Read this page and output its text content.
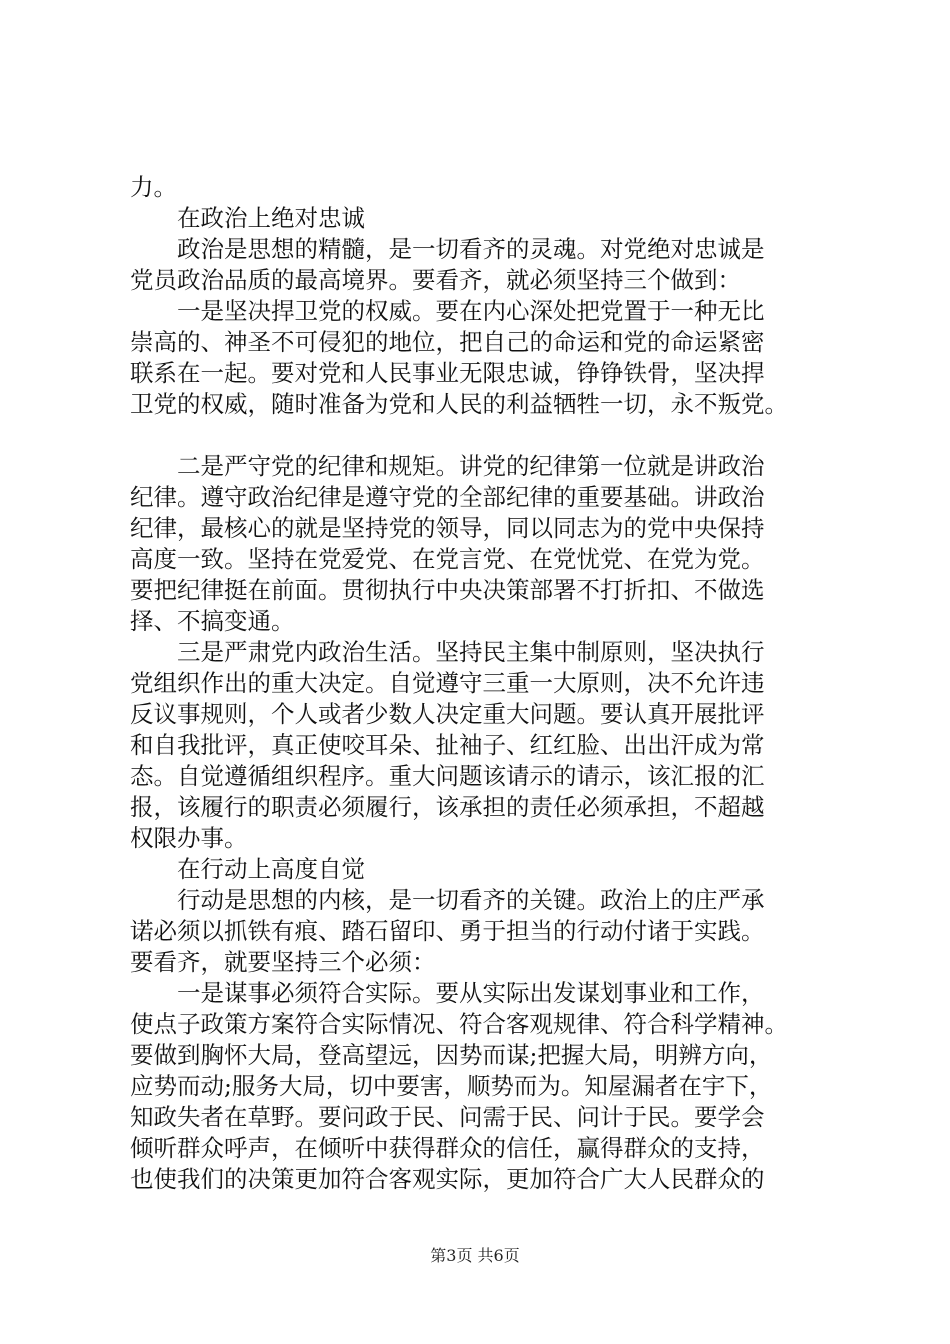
力。
在政治上绝对忠诚
政治是思想的精髓，是一切看齐的灵魂。对党绝对忠诚是
党员政治品质的最高境界。要看齐，就必须坚持三个做到：
一是坚决捍卫党的权威。要在内心深处把党置于一种无比
崇高的、神圣不可侵犯的地位，把自己的命运和党的命运紧密
联系在一起。要对党和人民事业无限忠诚，铮铮铁骨，坚决捍
卫党的权威，随时准备为党和人民的利益牺牲一切，永不叛党。
二是严守党的纪律和规矩。讲党的纪律第一位就是讲政治
纪律。遵守政治纪律是遵守党的全部纪律的重要基础。讲政治
纪律，最核心的就是坚持党的领导，同以同志为的党中央保持
高度一致。坚持在党爱党、在党言党、在党忧党、在党为党。
要把纪律挺在前面。贯彻执行中央决策部署不打折扣、不做选
择、不搞变通。
三是严肃党内政治生活。坚持民主集中制原则，坚决执行
党组织作出的重大决定。自觉遵守三重一大原则，决不允许违
反议事规则，个人或者少数人决定重大问题。要认真开展批评
和自我批评，真正使咬耳朵、扯袖子、红红脸、出出汗成为常
态。自觉遵循组织程序。重大问题该请示的请示，该汇报的汇
报，该履行的职责必须履行，该承担的责任必须承担，不超越
权限办事。
在行动上高度自觉
行动是思想的内核，是一切看齐的关键。政治上的庄严承
诺必须以抓铁有痕、踏石留印、勇于担当的行动付诸于实践。
要看齐，就要坚持三个必须：
一是谋事必须符合实际。要从实际出发谋划事业和工作，
使点子政策方案符合实际情况、符合客观规律、符合科学精神。
要做到胸怀大局，登高望远，因势而谋;把握大局，明辨方向，
应势而动;服务大局，切中要害，顺势而为。知屋漏者在宇下，
知政失者在草野。要问政于民、问需于民、问计于民。要学会
倾听群众呼声，在倾听中获得群众的信任，赢得群众的支持，
也使我们的决策更加符合客观实际，更加符合广大人民群众的
第3页 共6页
